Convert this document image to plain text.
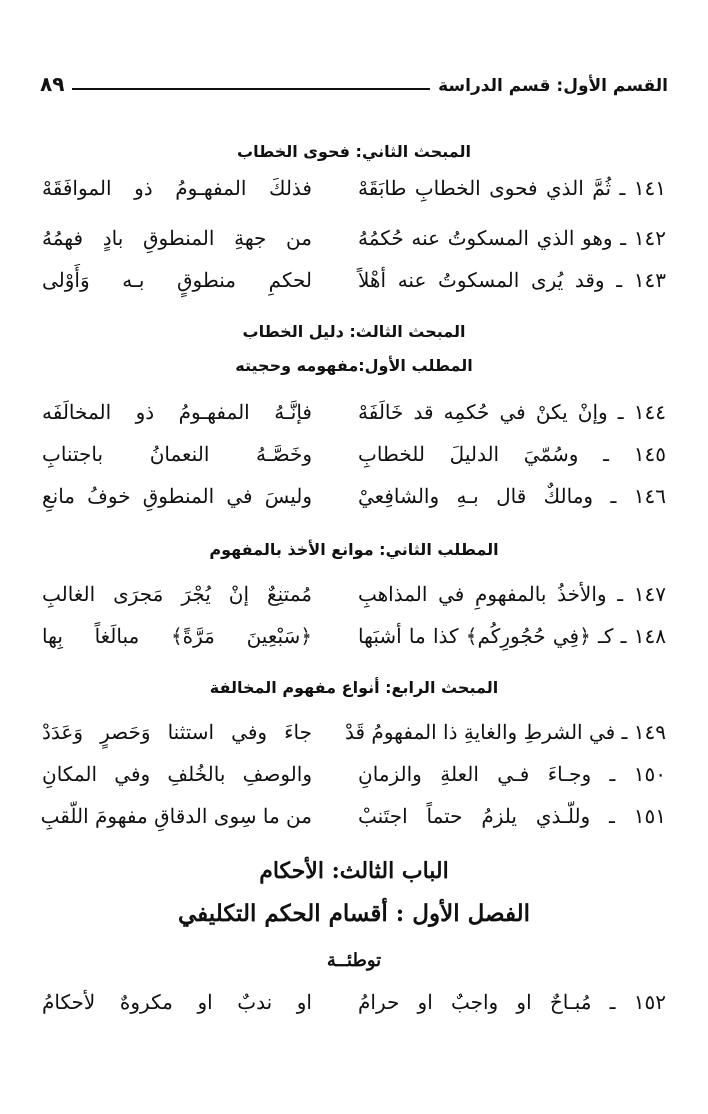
القسم الأول: قسم الدراسة
٨٩
المبحث الثاني: فحوى الخطاب
١٤١ ـ ثُمَّ الذي فحوى الخطابِ طابَقَهْ
فذلكَ المفهـومُ ذو الموافَقَهْ
١٤٢ ـ وهو الذي المسكوتُ عنه حُكمُهُ
من جهةِ المنطوقِ بادٍ فهمُهُ
١٤٣ ـ وقد يُرى المسكوتُ عنه أهْلاً
لحكمِ منطوقٍ بـه وَأَوْلى
المبحث الثالث: دليل الخطاب
المطلب الأول:مفهومه وحجيته
١٤٤ ـ وإنْ يكنْ في حُكمِه قد خَالَفَهْ
فإنَّـهُ المفهـومُ ذو المخالَفَه
١٤٥ ـ وسُمّيَ الدليلَ للخطابِ
وخَصَّـهُ النعمانُ باجتنابِ
١٤٦ ـ ومالكٌ قال بـهِ والشافِعيْ
وليسَ في المنطوقِ خوفُ مانعِ
المطلب الثاني: موانع الأخذ بالمفهوم
١٤٧ ـ والأخذُ بالمفهومِ في المذاهبِ
مُمتنِعٌ إنْ يُجْرَ مَجرَى الغالبِ
١٤٨ ـ كـ ﴿فِي حُجُورِكُم﴾ كذا ما أشبَها
﴿سَبْعِينَ مَرَّةً﴾ مبالَغاً بِها
المبحث الرابع: أنواع مفهوم المخالفة
١٤٩ ـ في الشرطِ والغايةِ ذا المفهومُ قَدْ
جاءَ وفي استثنا وَحَصرٍ وَعَدَدْ
١٥٠ ـ وجـاءَ فـي العلةِ والزمانِ
والوصفِ بالخُلفِ وفي المكانِ
١٥١ ـ وللّـذي يلزمُ حتماً اجتَنبْ
من ما سِوى الدقاقِ مفهومَ اللّقبِ
الباب الثالث: الأحكام
الفصل الأول : أقسام الحكم التكليفي
توطئــة
١٥٢ ـ مُبـاحٌ او واجبٌ او حرامُ
او ندبٌ او مكروهٌ لأحكامُ
